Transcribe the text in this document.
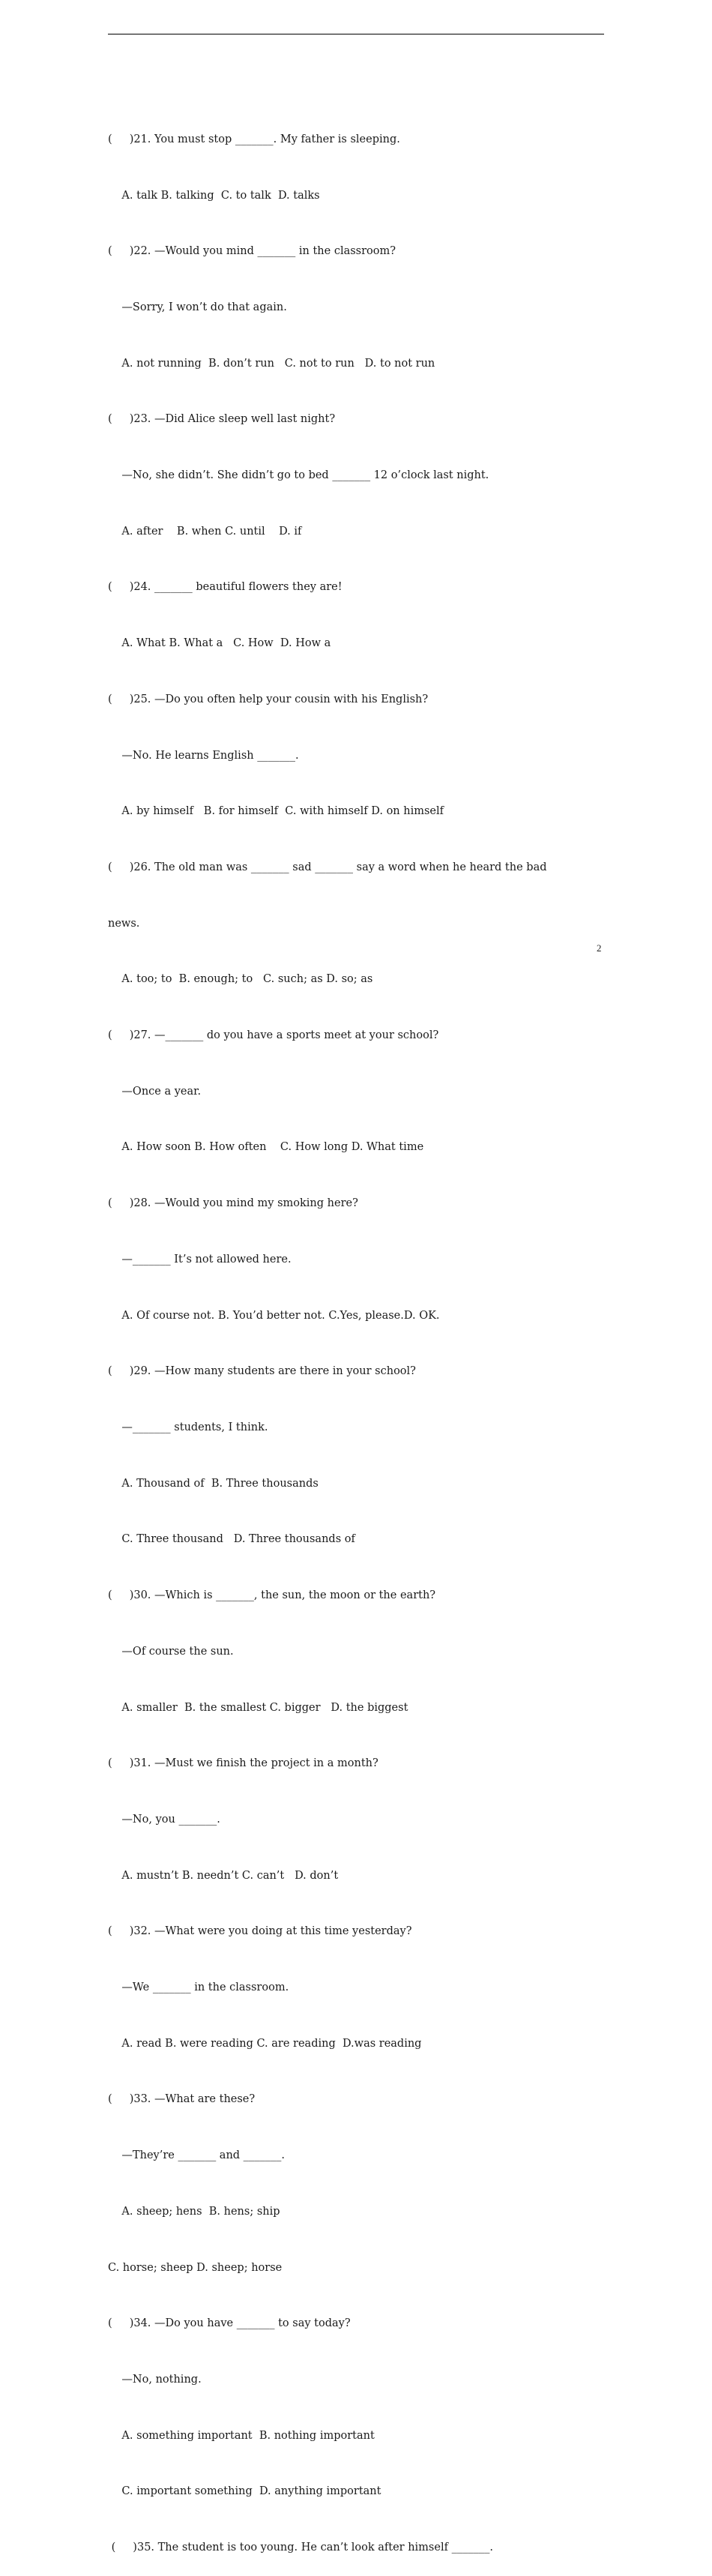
(     )21. You must stop _______. My father is sleeping.

A. talk B. talking  C. to talk  D. talks

(     )22. —Would you mind _______ in the classroom?

—Sorry, I won’t do that again.

A. not running  B. don’t run   C. not to run   D. to not run

(     )23. —Did Alice sleep well last night?

—No, she didn’t. She didn’t go to bed _______ 12 o’clock last night.

A. after    B. when C. until    D. if

(     )24. _______ beautiful flowers they are!

A. What B. What a   C. How  D. How a

(     )25. —Do you often help your cousin with his English?

—No. He learns English _______.

A. by himself   B. for himself  C. with himself D. on himself

(     )26. The old man was _______ sad _______ say a word when he heard the bad

news.

A. too; to  B. enough; to   C. such; as D. so; as

(     )27. —_______ do you have a sports meet at your school?

—Once a year.

A. How soon B. How often    C. How long D. What time

(     )28. —Would you mind my smoking here?

—_______ It’s not allowed here.

A. Of course not. B. You’d better not. C.Yes, please.D. OK.

(     )29. —How many students are there in your school?

—_______ students, I think.

A. Thousand of  B. Three thousands

C. Three thousand   D. Three thousands of

(     )30. —Which is _______, the sun, the moon or the earth?

—Of course the sun.

A. smaller  B. the smallest C. bigger   D. the biggest

(     )31. —Must we finish the project in a month?

—No, you _______.

A. mustn’t B. needn’t C. can’t   D. don’t

(     )32. —What were you doing at this time yesterday?

—We _______ in the classroom.

A. read B. were reading C. are reading  D.was reading

(     )33. —What are these?

—They’re _______ and _______.

A. sheep; hens  B. hens; ship

C. horse; sheep D. sheep; horse

(     )34. —Do you have _______ to say today?

—No, nothing.

A. something important  B. nothing important

C. important something  D. anything important

(     )35. The student is too young. He can’t look after himself _______.

2
